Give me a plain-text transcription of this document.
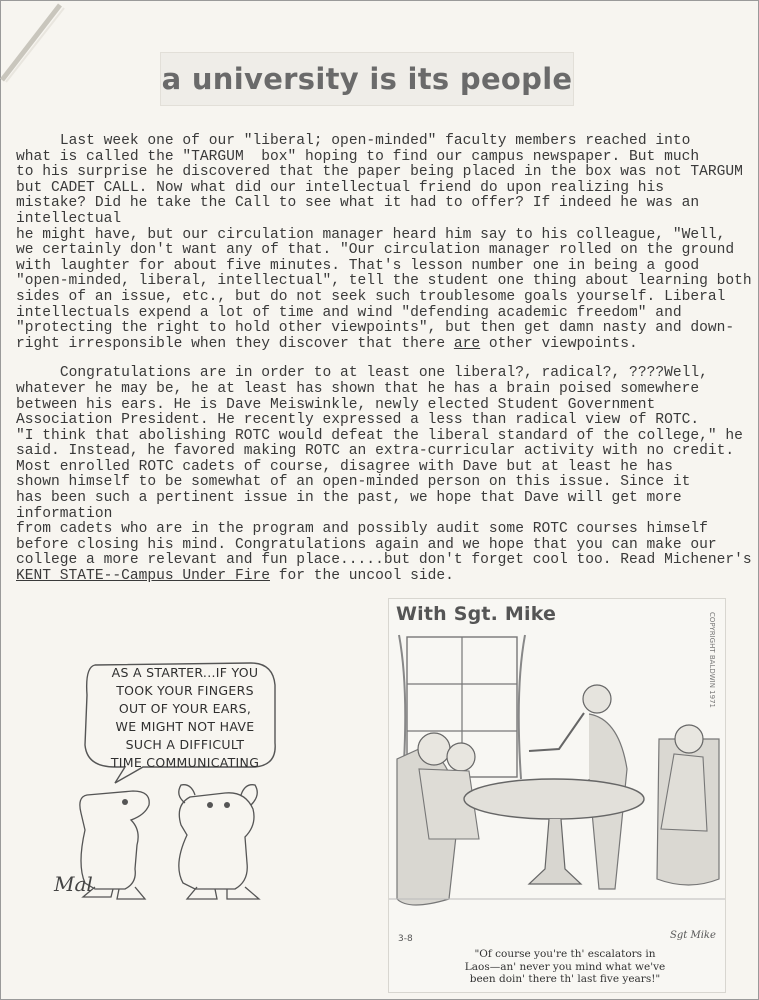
a university is its people

   Last week one of our "liberal; open-minded" faculty members reached into
what is called the "TARGUM  box" hoping to find our campus newspaper. But much
to his surprise he discovered that the paper being placed in the box was not TARGUM
but CADET CALL. Now what did our intellectual friend do upon realizing his
mistake? Did he take the Call to see what it had to offer? If indeed he was an intellectual
he might have, but our circulation manager heard him say to his colleague, "Well,
we certainly don't want any of that. "Our circulation manager rolled on the ground
with laughter for about five minutes. That's lesson number one in being a good
"open-minded, liberal, intellectual", tell the student one thing about learning both
sides of an issue, etc., but do not seek such troublesome goals yourself. Liberal
intellectuals expend a lot of time and wind "defending academic freedom" and
"protecting the right to hold other viewpoints", but then get damn nasty and down-
right irresponsible when they discover that there are other viewpoints.

   Congratulations are in order to at least one liberal?, radical?, ????Well,
whatever he may be, he at least has shown that he has a brain poised somewhere
between his ears. He is Dave Meiswinkle, newly elected Student Government
Association President. He recently expressed a less than radical view of ROTC.
"I think that abolishing ROTC would defeat the liberal standard of the college," he
said. Instead, he favored making ROTC an extra-curricular activity with no credit.
Most enrolled ROTC cadets of course, disagree with Dave but at least he has
shown himself to be somewhat of an open-minded person on this issue. Since it
has been such a pertinent issue in the past, we hope that Dave will get more information
from cadets who are in the program and possibly audit some ROTC courses himself
before closing his mind. Congratulations again and we hope that you can make our
college a more relevant and fun place.....but don't forget cool too. Read Michener's
KENT STATE--Campus Under Fire for the uncool side.

AS A STARTER...IF YOU
TOOK YOUR FINGERS
OUT OF YOUR EARS,
WE MIGHT NOT HAVE
SUCH A DIFFICULT
TIME COMMUNICATING
Mal
With Sgt. Mike	COPYRIGHT BALDWIN 1971
3-8	Sgt Mike
"Of course you're th' escalators in
Laos—an' never you mind what we've
been doin' there th' last five years!"
